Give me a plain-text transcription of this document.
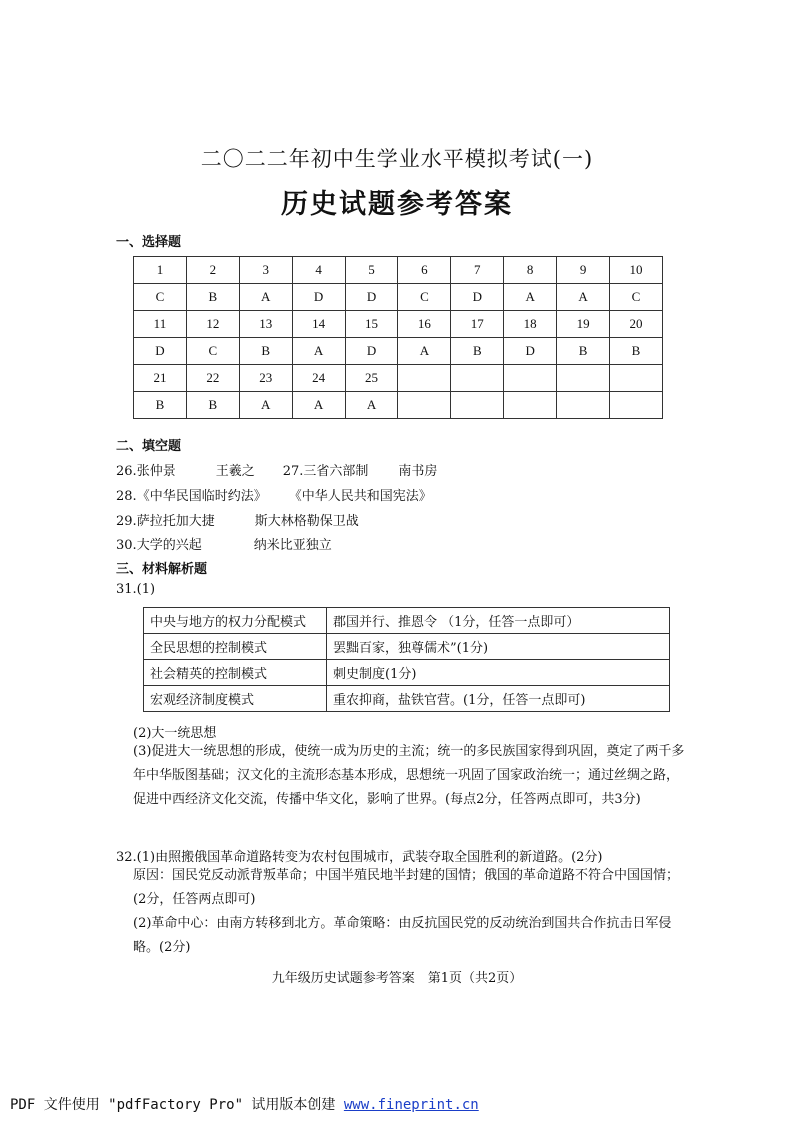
二〇二二年初中生学业水平模拟考试(一)
历史试题参考答案
一、选择题
1	2	3	4	5	6	7	8	9	10
C	B	A	D	D	C	D	A	A	C
11	12	13	14	15	16	17	18	19	20
D	C	B	A	D	A	B	D	B	B
21	22	23	24	25					
B	B	A	A	A					
二、填空题
26.张仲景	王羲之 27.三省六部制 南书房
28.《中华民国临时约法》 《中华人民共和国宪法》
29.萨拉托加大捷	斯大林格勒保卫战
30.大学的兴起	纳米比亚独立
三、材料解析题
31.(1)
中央与地方的权力分配模式	郡国并行、推恩令 （1分，任答一点即可）
全民思想的控制模式	罢黜百家，独尊儒术”(1分)
社会精英的控制模式	刺史制度(1分)
宏观经济制度模式	重农抑商，盐铁官营。(1分，任答一点即可)
(2)大一统思想
(3)促进大一统思想的形成，使统一成为历史的主流；统一的多民族国家得到巩固，奠定了两千多年中华版图基础；汉文化的主流形态基本形成，思想统一巩固了国家政治统一；通过丝绸之路，促进中西经济文化交流，传播中华文化，影响了世界。(每点2分，任答两点即可，共3分)
32.(1)由照搬俄国革命道路转变为农村包围城市，武装夺取全国胜利的新道路。(2分)
原因：国民党反动派背叛革命；中国半殖民地半封建的国情；俄国的革命道路不符合中国国情；(2分，任答两点即可)
(2)革命中心：由南方转移到北方。革命策略：由反抗国民党的反动统治到国共合作抗击日军侵略。(2分)
九年级历史试题参考答案　第1页（共2页）
PDF 文件使用 "pdfFactory Pro" 试用版本创建 www.fineprint.cn
